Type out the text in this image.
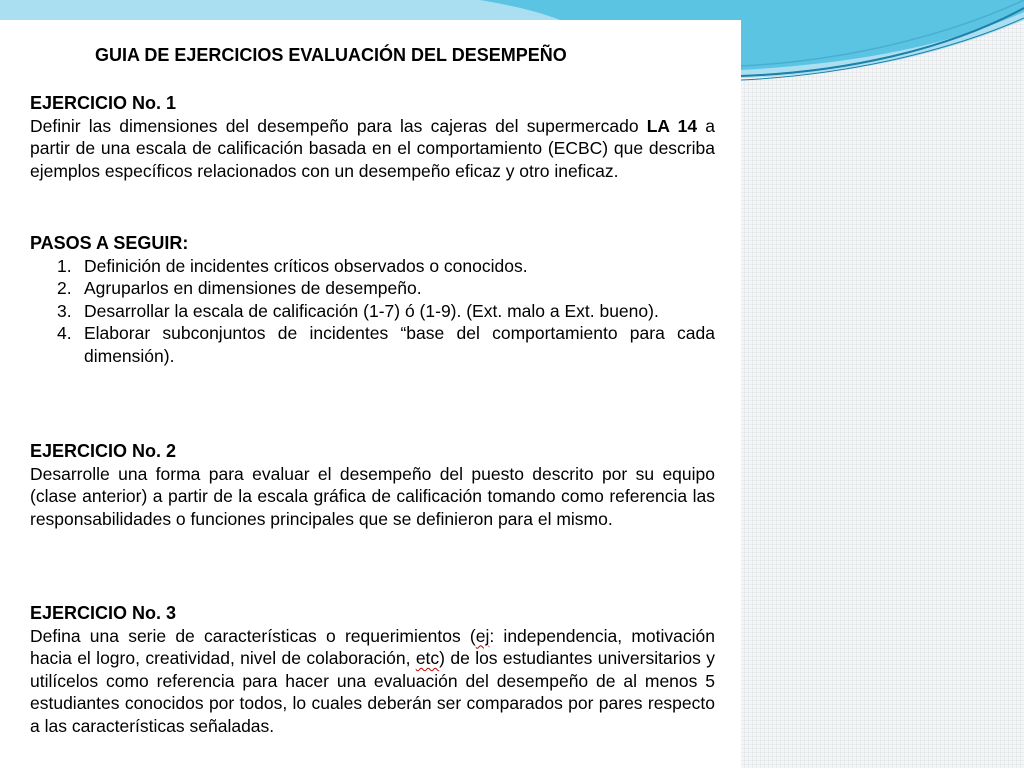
GUIA DE EJERCICIOS EVALUACIÓN DEL DESEMPEÑO
EJERCICIO No. 1
Definir las dimensiones del desempeño para las cajeras del supermercado LA 14 a partir de una escala de calificación basada en el comportamiento (ECBC) que describa ejemplos específicos relacionados con un desempeño eficaz y otro ineficaz.
PASOS A SEGUIR:
1. Definición de incidentes críticos observados o conocidos.
2. Agruparlos en dimensiones de desempeño.
3. Desarrollar la escala de calificación (1-7) ó (1-9). (Ext. malo a Ext. bueno).
4. Elaborar subconjuntos de incidentes “base del comportamiento para cada dimensión).
EJERCICIO No. 2
Desarrolle una forma para evaluar el desempeño del puesto descrito por su equipo (clase anterior) a partir de la escala gráfica de calificación tomando como referencia las responsabilidades o funciones principales que se definieron para el mismo.
EJERCICIO No. 3
Defina una serie de características o requerimientos (ej: independencia, motivación hacia el logro, creatividad, nivel de colaboración, etc) de los estudiantes universitarios y utilícelos como referencia para hacer una evaluación del desempeño de al menos 5 estudiantes conocidos por todos, lo cuales deberán ser comparados por pares respecto a las características señaladas.
